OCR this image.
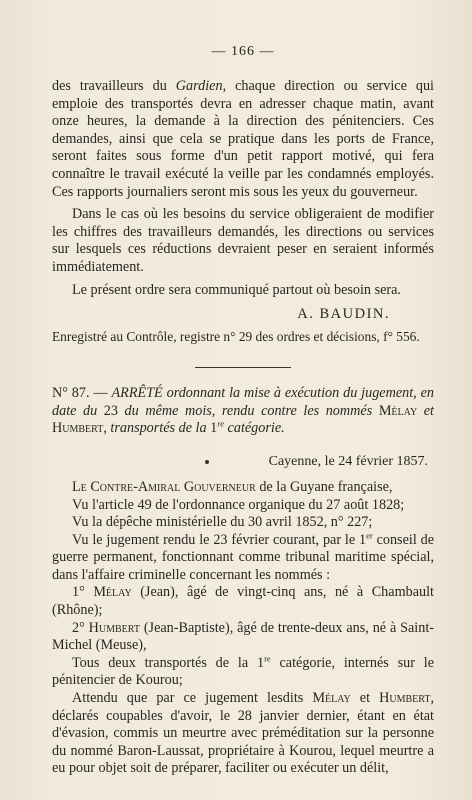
— 166 —

des travailleurs du Gardien, chaque direction ou service qui emploie des transportés devra en adresser chaque matin, avant onze heures, la demande à la direction des pénitenciers. Ces demandes, ainsi que cela se pratique dans les ports de France, seront faites sous forme d'un petit rapport motivé, qui fera connaître le travail exécuté la veille par les condamnés employés. Ces rapports journaliers seront mis sous les yeux du gouverneur.

Dans le cas où les besoins du service obligeraient de modifier les chiffres des travailleurs demandés, les directions ou services sur lesquels ces réductions devraient peser en seraient informés immédiatement.

Le présent ordre sera communiqué partout où besoin sera.

A. BAUDIN.

Enregistré au Contrôle, registre n° 29 des ordres et décisions, f° 556.

N° 87. — ARRÊTÉ ordonnant la mise à exécution du jugement, en date du 23 du même mois, rendu contre les nommés Mélay et Humbert, transportés de la 1re catégorie.

Cayenne, le 24 février 1857.

Le Contre-Amiral Gouverneur de la Guyane française,

Vu l'article 49 de l'ordonnance organique du 27 août 1828;

Vu la dépêche ministérielle du 30 avril 1852, n° 227;

Vu le jugement rendu le 23 février courant, par le 1er conseil de guerre permanent, fonctionnant comme tribunal maritime spécial, dans l'affaire criminelle concernant les nommés :

1° Mélay (Jean), âgé de vingt-cinq ans, né à Chambault (Rhône);

2° Humbert (Jean-Baptiste), âgé de trente-deux ans, né à Saint-Michel (Meuse),

Tous deux transportés de la 1re catégorie, internés sur le pénitencier de Kourou;

Attendu que par ce jugement lesdits Mélay et Humbert, déclarés coupables d'avoir, le 28 janvier dernier, étant en état d'évasion, commis un meurtre avec préméditation sur la personne du nommé Baron-Laussat, propriétaire à Kourou, lequel meurtre a eu pour objet soit de préparer, faciliter ou exécuter un délit,
